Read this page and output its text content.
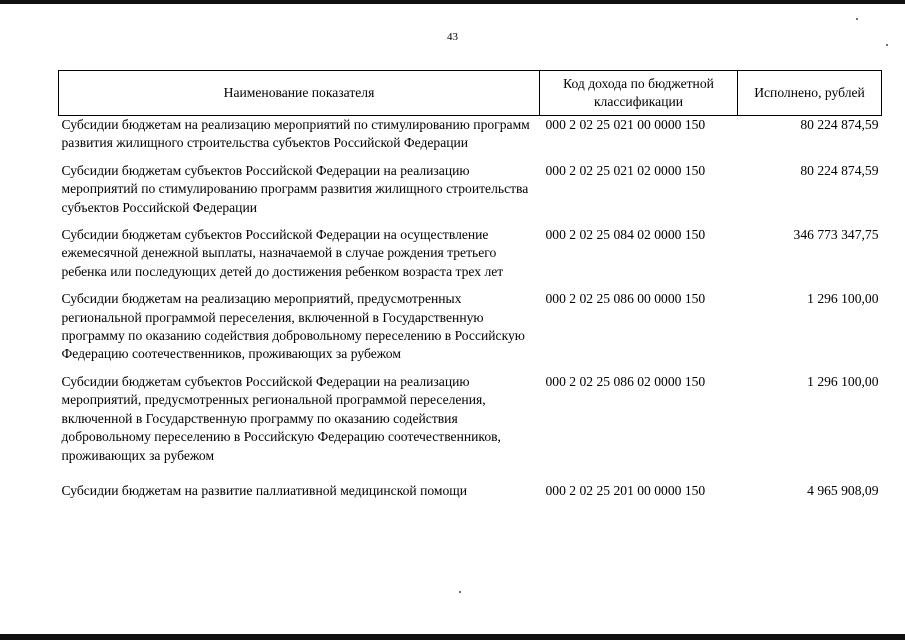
43
Наименование показателя	Код дохода по бюджетной классификации	Исполнено, рублей
Субсидии бюджетам на реализацию мероприятий по стимулированию программ развития жилищного строительства субъектов Российской Федерации	000 2 02 25 021 00 0000 150	80 224 874,59
Субсидии бюджетам субъектов Российской Федерации на реализацию мероприятий по стимулированию программ развития жилищного строительства субъектов Российской Федерации	000 2 02 25 021 02 0000 150	80 224 874,59
Субсидии бюджетам субъектов Российской Федерации на осуществление ежемесячной денежной выплаты, назначаемой в случае рождения третьего ребенка или последующих детей до достижения ребенком возраста трех лет	000 2 02 25 084 02 0000 150	346 773 347,75
Субсидии бюджетам на реализацию мероприятий, предусмотренных региональной программой переселения, включенной в Государственную программу по оказанию содействия добровольному переселению в Российскую Федерацию соотечественников, проживающих за рубежом	000 2 02 25 086 00 0000 150	1 296 100,00
Субсидии бюджетам субъектов Российской Федерации на реализацию мероприятий, предусмотренных региональной программой переселения, включенной в Государственную программу по оказанию содействия добровольному переселению в Российскую Федерацию соотечественников, проживающих за рубежом	000 2 02 25 086 02 0000 150	1 296 100,00
Субсидии бюджетам на развитие паллиативной медицинской помощи	000 2 02 25 201 00 0000 150	4 965 908,09
